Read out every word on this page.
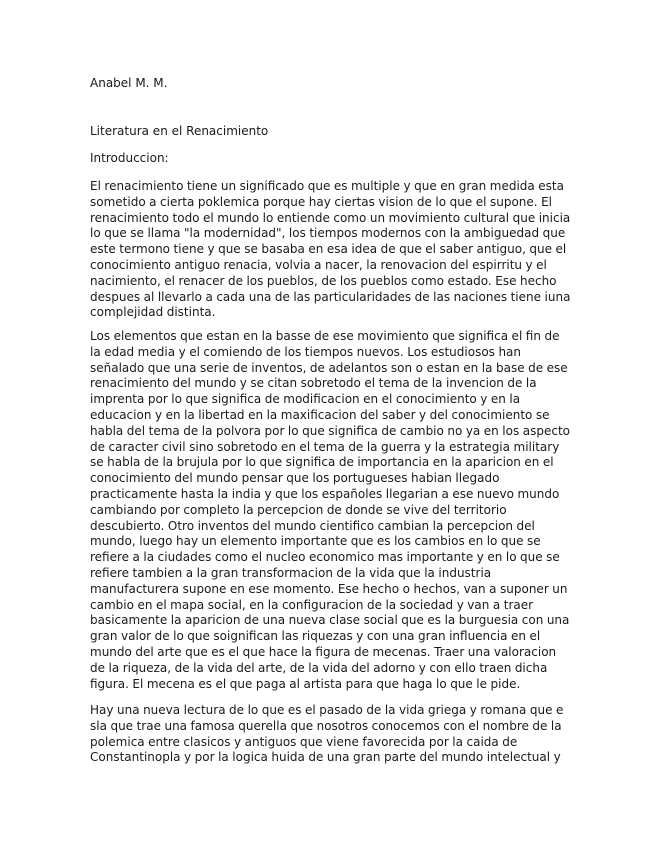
Anabel M. M.

Literatura en el Renacimiento

Introduccion:

El renacimiento tiene un significado que es multiple y que en gran medida esta sometido a cierta poklemica porque hay ciertas vision de lo que el supone. El renacimiento todo el mundo lo entiende como un movimiento cultural que inicia lo que se llama "la modernidad", los tiempos modernos con la ambiguedad que este termono tiene y que se basaba en esa idea de que el saber antiguo, que el conocimiento antiguo renacia, volvia a nacer, la renovacion del espirritu y el nacimiento, el renacer de los pueblos, de los pueblos como estado. Ese hecho despues al llevarlo a cada una de las particularidades de las naciones tiene iuna complejidad distinta.

Los elementos que estan en la basse de ese movimiento que significa el fin de la edad media y el comiendo de los tiempos nuevos. Los estudiosos han señalado que una serie de inventos, de adelantos son o estan en la base de ese renacimiento del mundo y se citan sobretodo el tema de la invencion de la imprenta por lo que significa de modificacion en el conocimiento y en la educacion y en la libertad en la maxificacion del saber y del conocimiento se habla del tema de la polvora por lo que significa de cambio no ya en los aspecto de caracter civil sino sobretodo en el tema de la guerra y la estrategia military se habla de la brujula por lo que significa de importancia en la aparicion en el conocimiento del mundo pensar que los portugueses habian llegado practicamente hasta la india y que los españoles llegarian a ese nuevo mundo cambiando por completo la percepcion de donde se vive del territorio descubierto. Otro inventos del mundo cientifico cambian la percepcion del mundo, luego hay un elemento importante que es los cambios en lo que se refiere a la ciudades como el nucleo economico mas importante y en lo que se refiere tambien a la gran transformacion de la vida que la industria manufacturera supone en ese momento. Ese hecho o hechos, van a suponer un cambio en el mapa social, en la configuracion de la sociedad y van a traer basicamente la aparicion de una nueva clase social que es la burguesia con una gran valor de lo que soignifican las riquezas y con una gran influencia en el mundo del arte que es el que hace la figura de mecenas. Traer una valoracion de la riqueza, de la vida del arte, de la vida del adorno y con ello traen dicha figura. El mecena es el que paga al artista para que haga lo que le pide.

Hay una nueva lectura de lo que es el pasado de la vida griega y romana que e sla que trae una famosa querella que nosotros conocemos con el nombre de la polemica entre clasicos y antiguos que viene favorecida por la caida de Constantinopla y por la logica huida de una gran parte del mundo intelectual y
